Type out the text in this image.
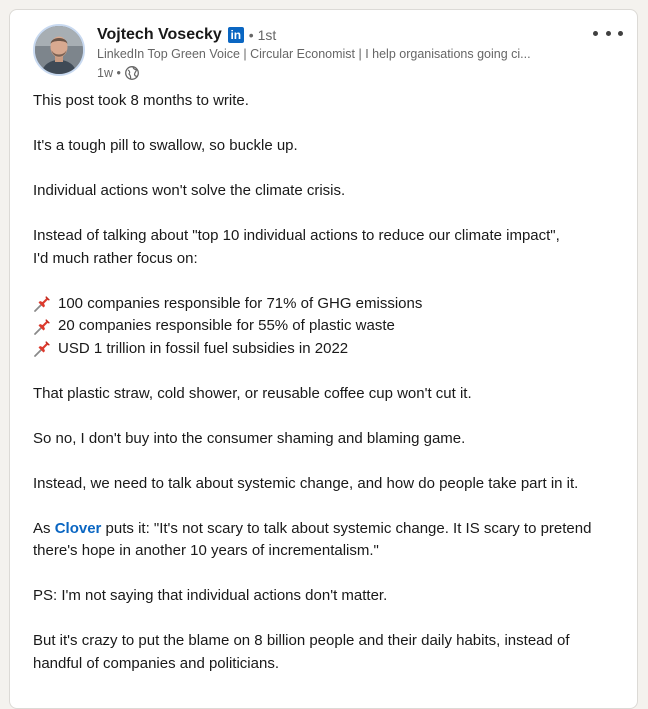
Vojtech Vosecky in • 1st
LinkedIn Top Green Voice | Circular Economist | I help organisations going ci...
1w •

This post took 8 months to write.

It's a tough pill to swallow, so buckle up.

Individual actions won't solve the climate crisis.

Instead of talking about "top 10 individual actions to reduce our climate impact",
I'd much rather focus on:

100 companies responsible for 71% of GHG emissions
20 companies responsible for 55% of plastic waste
USD 1 trillion in fossil fuel subsidies in 2022

That plastic straw, cold shower, or reusable coffee cup won't cut it.

So no, I don't buy into the consumer shaming and blaming game.

Instead, we need to talk about systemic change, and how do people take part in it.

As Clover puts it: "It's not scary to talk about systemic change. It IS scary to pretend
there's hope in another 10 years of incrementalism."

PS: I'm not saying that individual actions don't matter.

But it's crazy to put the blame on 8 billion people and their daily habits, instead of
handful of companies and politicians.
